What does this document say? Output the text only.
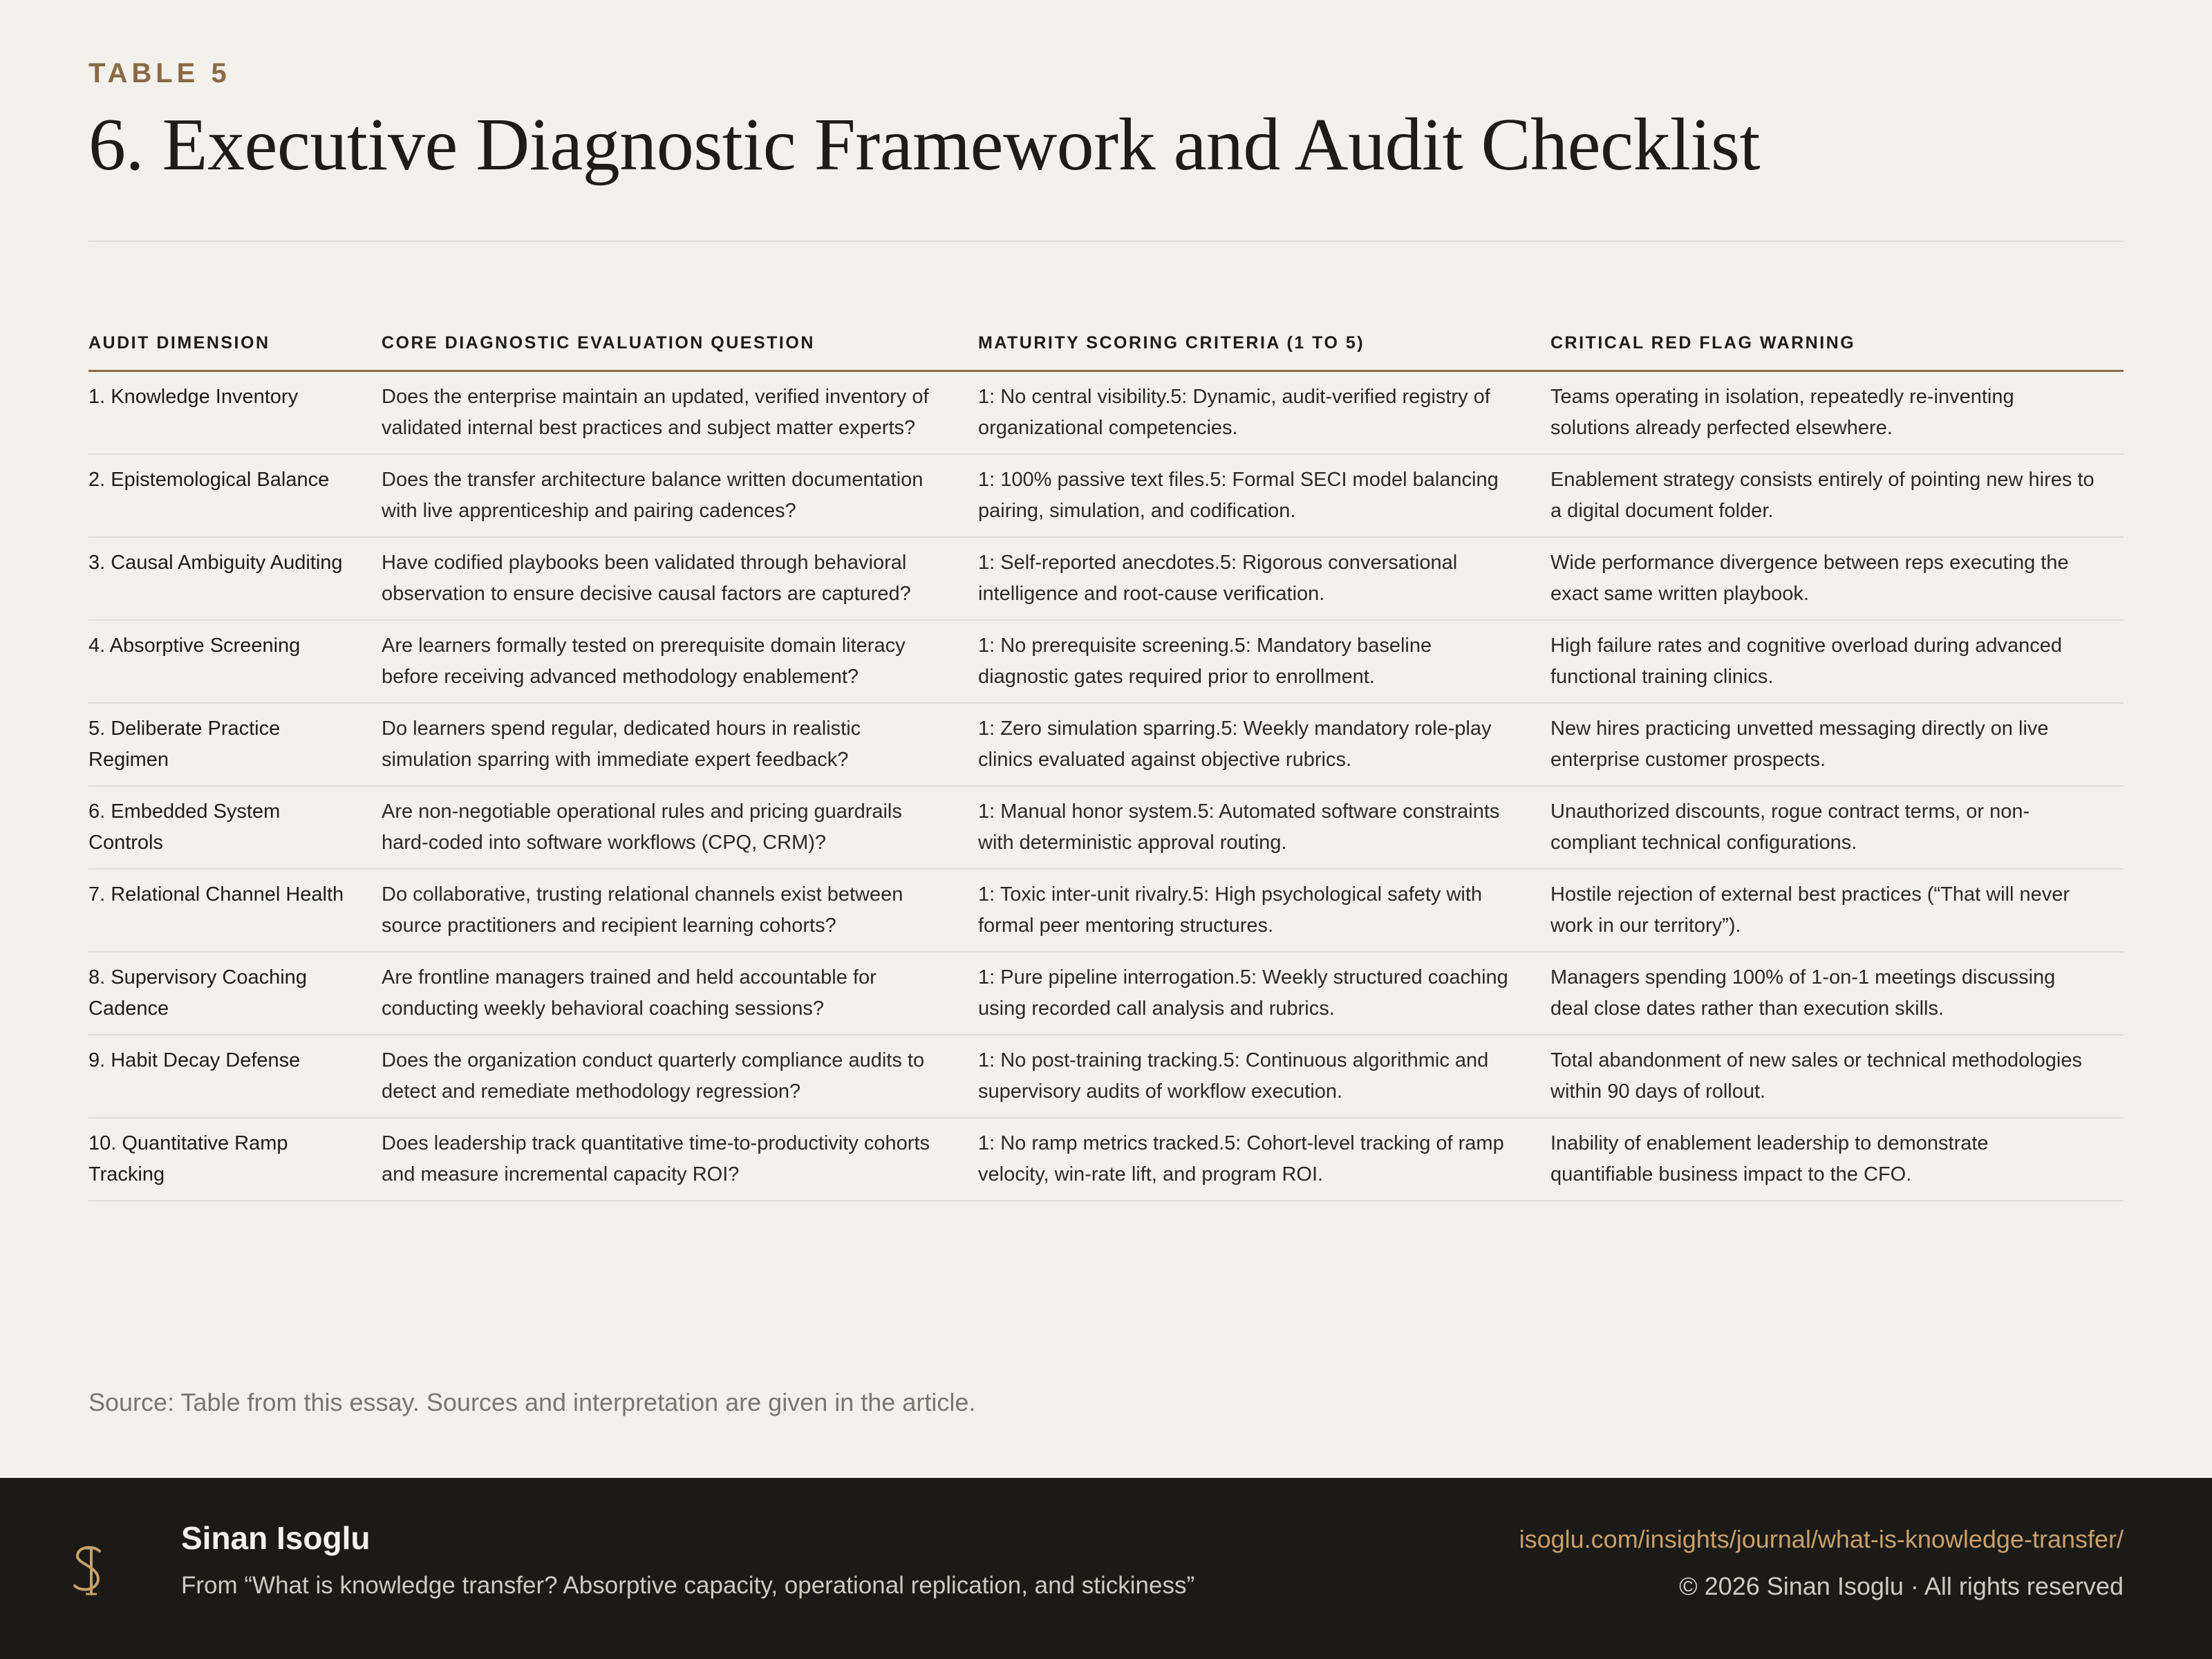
TABLE 5
6. Executive Diagnostic Framework and Audit Checklist
AUDIT DIMENSION	CORE DIAGNOSTIC EVALUATION QUESTION	MATURITY SCORING CRITERIA (1 TO 5)	CRITICAL RED FLAG WARNING
1. Knowledge Inventory	Does the enterprise maintain an updated, verified inventory of validated internal best practices and subject matter experts?	1: No central visibility.5: Dynamic, audit-verified registry of organizational competencies.	Teams operating in isolation, repeatedly re-inventing solutions already perfected elsewhere.
2. Epistemological Balance	Does the transfer architecture balance written documentation with live apprenticeship and pairing cadences?	1: 100% passive text files.5: Formal SECI model balancing pairing, simulation, and codification.	Enablement strategy consists entirely of pointing new hires to a digital document folder.
3. Causal Ambiguity Auditing	Have codified playbooks been validated through behavioral observation to ensure decisive causal factors are captured?	1: Self-reported anecdotes.5: Rigorous conversational intelligence and root-cause verification.	Wide performance divergence between reps executing the exact same written playbook.
4. Absorptive Screening	Are learners formally tested on prerequisite domain literacy before receiving advanced methodology enablement?	1: No prerequisite screening.5: Mandatory baseline diagnostic gates required prior to enrollment.	High failure rates and cognitive overload during advanced functional training clinics.
5. Deliberate Practice Regimen	Do learners spend regular, dedicated hours in realistic simulation sparring with immediate expert feedback?	1: Zero simulation sparring.5: Weekly mandatory role-play clinics evaluated against objective rubrics.	New hires practicing unvetted messaging directly on live enterprise customer prospects.
6. Embedded System Controls	Are non-negotiable operational rules and pricing guardrails hard-coded into software workflows (CPQ, CRM)?	1: Manual honor system.5: Automated software constraints with deterministic approval routing.	Unauthorized discounts, rogue contract terms, or non-compliant technical configurations.
7. Relational Channel Health	Do collaborative, trusting relational channels exist between source practitioners and recipient learning cohorts?	1: Toxic inter-unit rivalry.5: High psychological safety with formal peer mentoring structures.	Hostile rejection of external best practices (“That will never work in our territory”).
8. Supervisory Coaching Cadence	Are frontline managers trained and held accountable for conducting weekly behavioral coaching sessions?	1: Pure pipeline interrogation.5: Weekly structured coaching using recorded call analysis and rubrics.	Managers spending 100% of 1-on-1 meetings discussing deal close dates rather than execution skills.
9. Habit Decay Defense	Does the organization conduct quarterly compliance audits to detect and remediate methodology regression?	1: No post-training tracking.5: Continuous algorithmic and supervisory audits of workflow execution.	Total abandonment of new sales or technical methodologies within 90 days of rollout.
10. Quantitative Ramp Tracking	Does leadership track quantitative time-to-productivity cohorts and measure incremental capacity ROI?	1: No ramp metrics tracked.5: Cohort-level tracking of ramp velocity, win-rate lift, and program ROI.	Inability of enablement leadership to demonstrate quantifiable business impact to the CFO.
Source: Table from this essay. Sources and interpretation are given in the article.
Sinan Isoglu
From “What is knowledge transfer? Absorptive capacity, operational replication, and stickiness”
isoglu.com/insights/journal/what-is-knowledge-transfer/
© 2026 Sinan Isoglu · All rights reserved
